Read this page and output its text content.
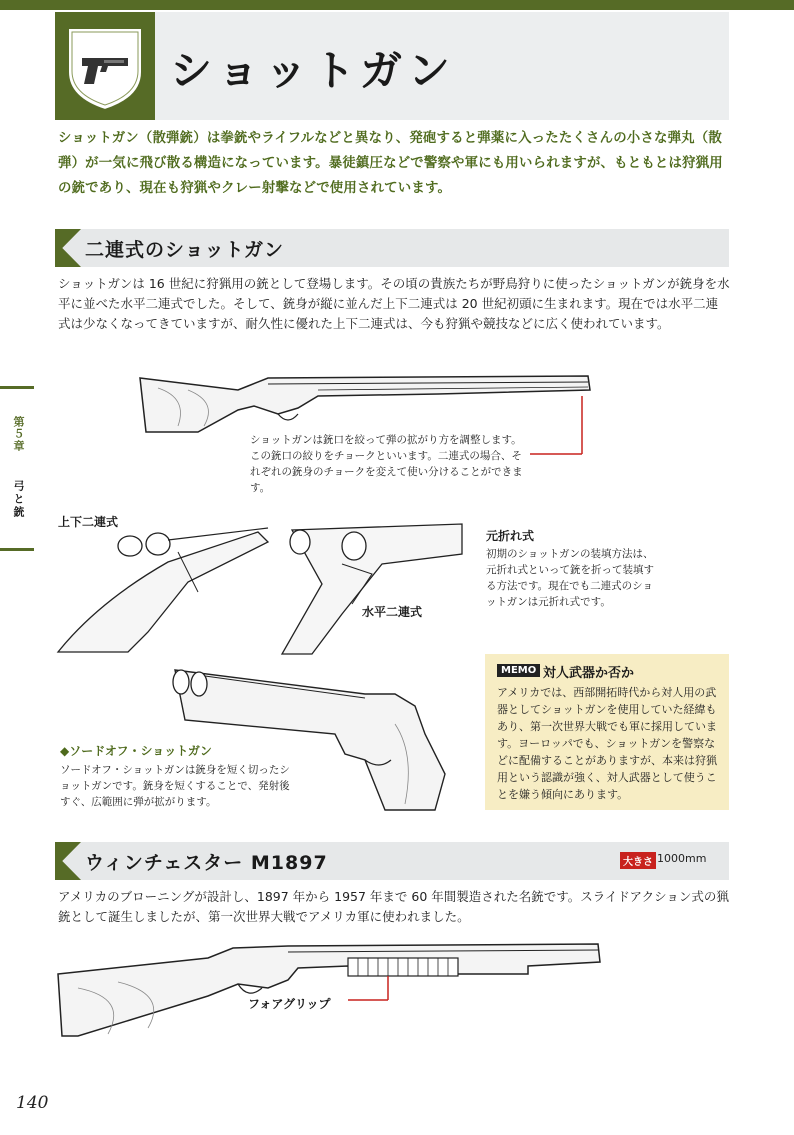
ショットガン
ショットガン（散弾銃）は拳銃やライフルなどと異なり、発砲すると弾薬に入ったたくさんの小さな弾丸（散弾）が一気に飛び散る構造になっています。暴徒鎮圧などで警察や軍にも用いられますが、もともとは狩猟用の銃であり、現在も狩猟やクレー射撃などで使用されています。
第５章
弓と銃
二連式のショットガン
ショットガンは 16 世紀に狩猟用の銃として登場します。その頃の貴族たちが野鳥狩りに使ったショットガンが銃身を水平に並べた水平二連式でした。そして、銃身が縦に並んだ上下二連式は 20 世紀初頭に生まれます。現在では水平二連式は少なくなってきていますが、耐久性に優れた上下二連式は、今も狩猟や競技などに広く使われています。
ショットガンは銃口を絞って弾の拡がり方を調整します。この銃口の絞りをチョークといいます。二連式の場合、それぞれの銃身のチョークを変えて使い分けることができます。
上下二連式
水平二連式
元折れ式
初期のショットガンの装填方法は、元折れ式といって銃を折って装填する方法です。現在でも二連式のショットガンは元折れ式です。
◆ソードオフ・ショットガン
ソードオフ・ショットガンは銃身を短く切ったショットガンです。銃身を短くすることで、発射後すぐ、広範囲に弾が拡がります。
MEMO 対人武器か否か
アメリカでは、西部開拓時代から対人用の武器としてショットガンを使用していた経緯もあり、第一次世界大戦でも軍に採用しています。ヨーロッパでも、ショットガンを警察などに配備することがありますが、本来は狩猟用という認識が強く、対人武器として使うことを嫌う傾向にあります。
ウィンチェスター M1897	大きさ 1000mm
アメリカのブローニングが設計し、1897 年から 1957 年まで 60 年間製造された名銃です。スライドアクション式の猟銃として誕生しましたが、第一次世界大戦でアメリカ軍に使われました。
フォアグリップ
140
